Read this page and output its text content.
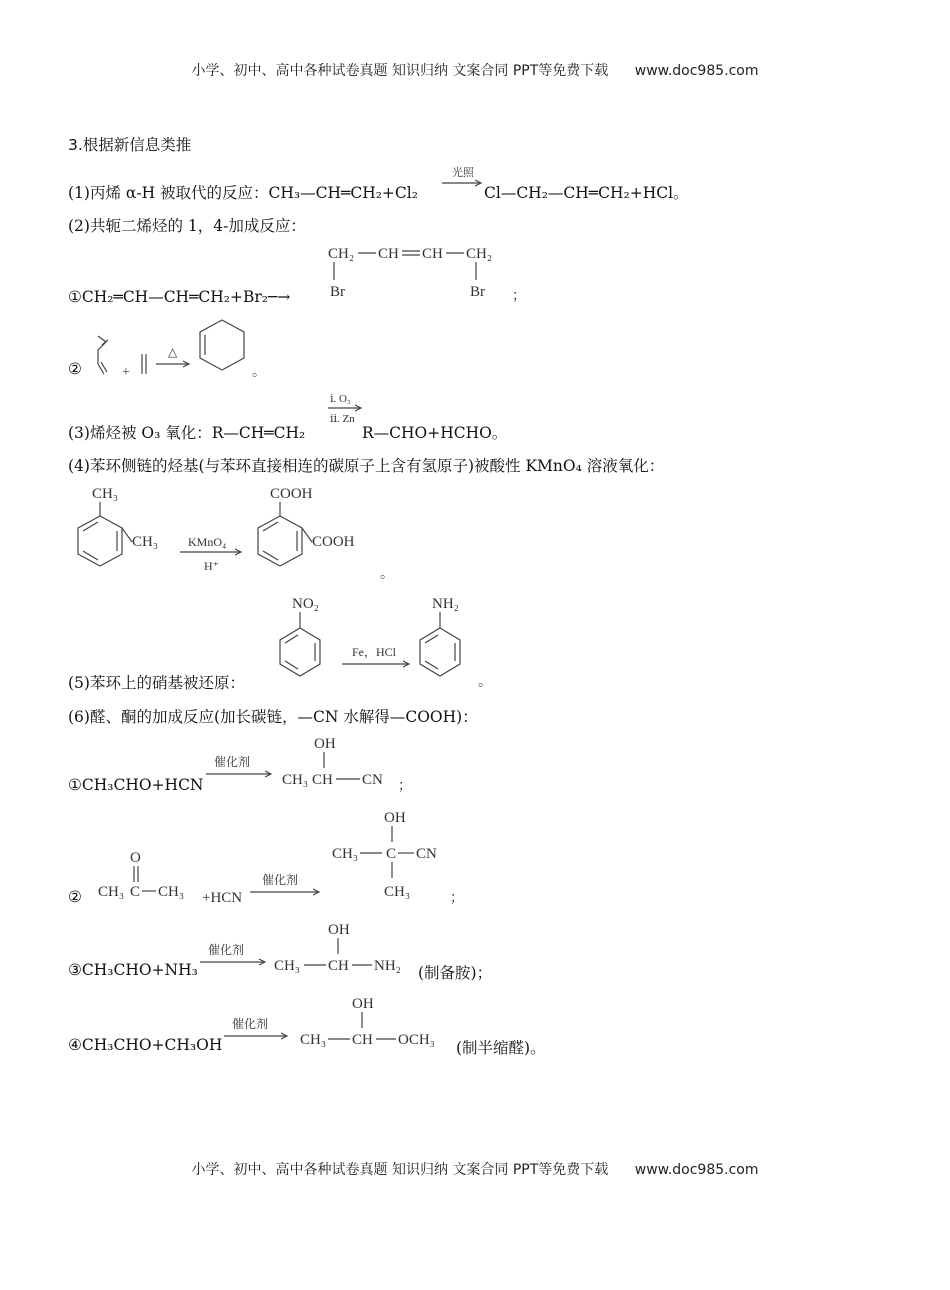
小学、初中、高中各种试卷真题 知识归纳 文案合同 PPT等免费下载 www.doc985.com
3.根据新信息类推
(1)丙烯 α-H 被取代的反应：CH₃—CH═CH₂+Cl₂
光照
Cl—CH₂—CH═CH₂+HCl。
(2)共轭二烯烃的 1，4-加成反应：
①CH₂═CH—CH═CH₂+Br₂─→
CH₂ CH CH CH₂
Br	Br ；
②	+
△
。
(3)烯烃被 O₃ 氧化：R—CH═CH₂
ⅰ. O₃
ⅱ. Zn
R—CHO+HCHO。
(4)苯环侧链的烃基(与苯环直接相连的碳原子上含有氢原子)被酸性 KMnO₄ 溶液氧化：
CH₃
CH₃ KMnO₄
H⁺
COOH
COOH
。
(5)苯环上的硝基被还原：
NO₂
Fe，HCl
NH₂
。
(6)醛、酮的加成反应(加长碳链，—CN 水解得—COOH)：
①CH₃CHO+HCN
催化剂
OH
CH₃ CH CN ；
②
O
CH₃ C CH₃ +HCN
催化剂
OH
CH₃ C CN
CH₃	；
③CH₃CHO+NH₃
催化剂
OH
CH₃ CH NH₂ (制备胺)；
④CH₃CHO+CH₃OH
催化剂
OH
CH₃ CH OCH₃ (制半缩醛)。
小学、初中、高中各种试卷真题 知识归纳 文案合同 PPT等免费下载 www.doc985.com
